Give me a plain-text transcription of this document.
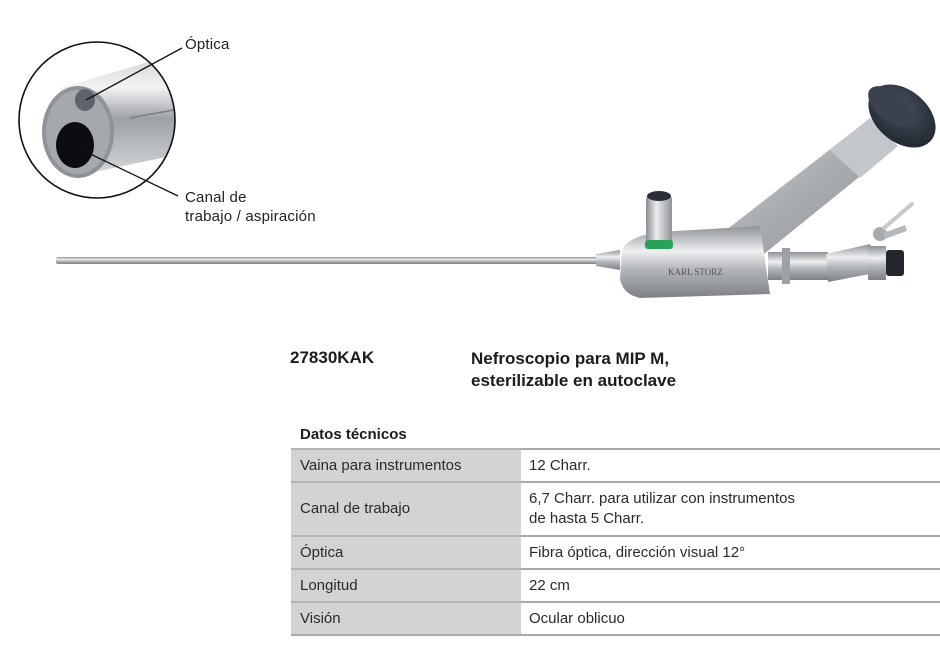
KARL STORZ
Óptica
Canal de
trabajo / aspiración
27830KAK	Nefroscopio para MIP M,
esterilizable en autoclave
Datos técnicos
Vaina para instrumentos	12 Charr.
Canal de trabajo	6,7 Charr. para utilizar con instrumentos
de hasta 5 Charr.

Óptica	Fibra óptica, dirección visual 12°
Longitud	22 cm
Visión	Ocular oblicuo
